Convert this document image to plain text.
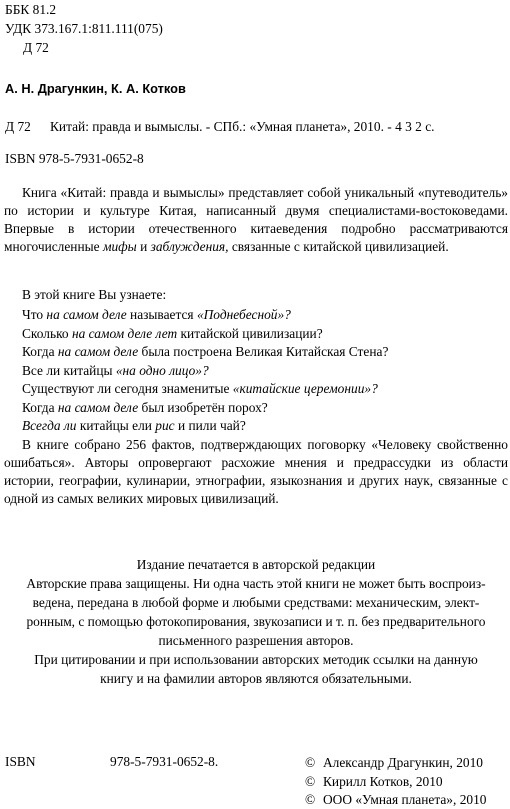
ББК 81.2
УДК 373.167.1:811.111(075)
Д 72
А. Н. Драгункин, К. А. Котков
Д 72 Китай: правда и вымыслы. - СПб.: «Умная планета», 2010. - 4 3 2 с.
ISBN 978-5-7931-0652-8

Книга «Китай: правда и вымыслы» представляет собой уникальный «путеводитель» по истории и культуре Китая, написанный двумя специалистами-востоковедами. Впервые в истории отечественного китаеведения подробно рассматриваются многочисленные мифы и заблуждения, связанные с китайской цивилизацией.

В этой книге Вы узнаете:
Что на самом деле называется «Поднебесной»?
Сколько на самом деле лет китайской цивилизации?
Когда на самом деле была построена Великая Китайская Стена?
Все ли китайцы «на одно лицо»?
Существуют ли сегодня знаменитые «китайские церемонии»?
Когда на самом деле был изобретён порох?
Всегда ли китайцы ели рис и пили чай?

В книге собрано 256 фактов, подтверждающих поговорку «Человеку свойственно ошибаться». Авторы опровергают расхожие мнения и предрассудки из области истории, географии, кулинарии, этнографии, языкознания и других наук, связанные с одной из самых великих мировых цивилизаций.

Издание печатается в авторской редакции
Авторские права защищены. Ни одна часть этой книги не может быть воспроиз-
ведена, передана в любой форме и любыми средствами: механическим, элект-
ронным, с помощью фотокопирования, звукозаписи и т. п. без предварительного
письменного разрешения авторов.
При цитировании и при использовании авторских методик ссылки на данную
книгу и на фамилии авторов являются обязательными.
ISBN	978-5-7931-0652-8.	© Александр Драгункин, 2010
© Кирилл Котков, 2010
© ООО «Умная планета», 2010
